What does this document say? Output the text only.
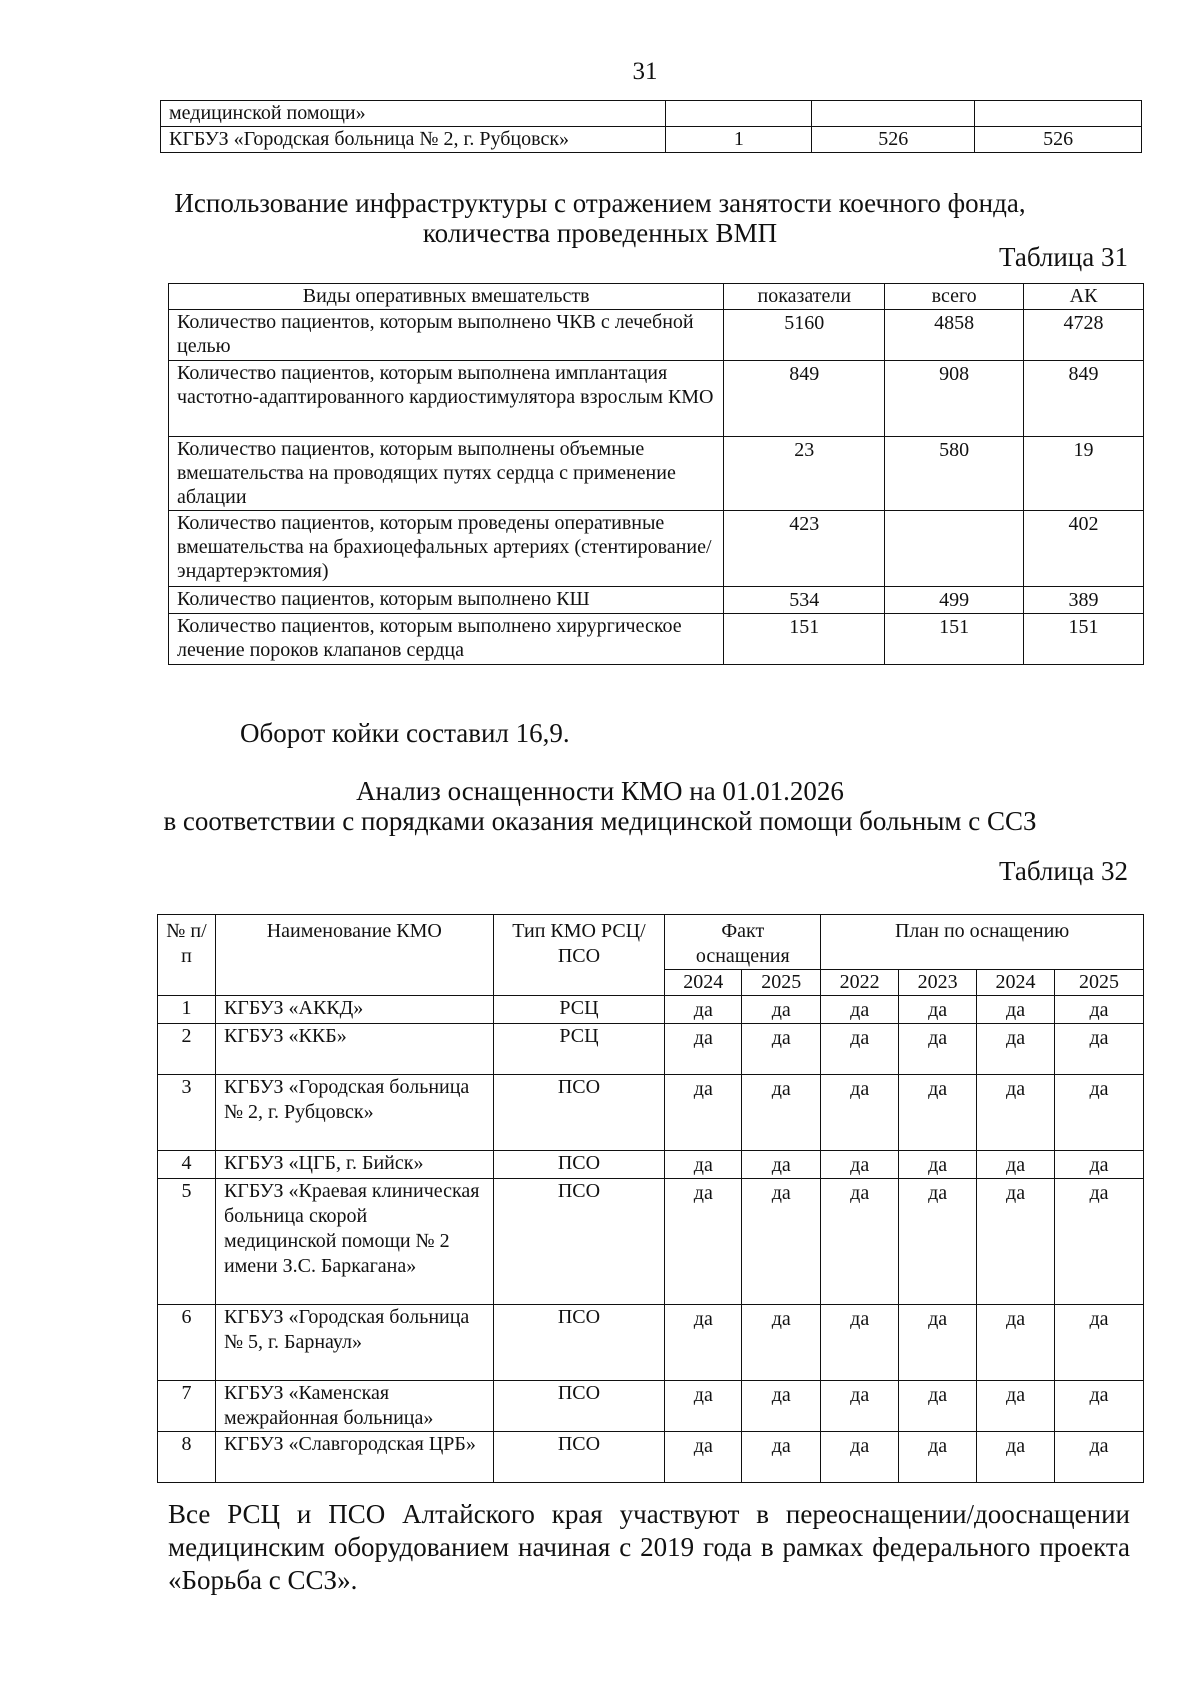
31
медицинской помощи»			
КГБУЗ «Городская больница № 2, г. Рубцовск»	1	526	526
Использование инфраструктуры с отражением занятости коечного фонда,
количества проведенных ВМП
Таблица 31
Виды оперативных вмешательств	показатели	всего	АК
Количество пациентов, которым выполнено ЧКВ с лечебной целью	5160	4858	4728
Количество пациентов, которым выполнена имплантация частотно-адаптированного кардиостимулятора взрослым КМО	849	908	849
Количество пациентов, которым выполнены объемные вмешательства на проводящих путях сердца с применение аблации	23	580	19
Количество пациентов, которым проведены оперативные вмешательства на брахиоцефальных артериях (стентирование/эндартерэктомия)	423		402
Количество пациентов, которым выполнено КШ	534	499	389
Количество пациентов, которым выполнено хирургическое лечение пороков клапанов сердца	151	151	151
Оборот койки составил 16,9.
Анализ оснащенности КМО на 01.01.2026
в соответствии с порядками оказания медицинской помощи больным с ССЗ
Таблица 32
№ п/п	Наименование КМО	Тип КМО РСЦ/ПСО	Факт оснащения		План по оснащению			
			2024	2025	2022	2023	2024	2025
1	КГБУЗ «АККД»	РСЦ	да	да	да	да	да	да
2	КГБУЗ «ККБ»	РСЦ	да	да	да	да	да	да
3	КГБУЗ «Городская больница № 2, г. Рубцовск»	ПСО	да	да	да	да	да	да
4	КГБУЗ «ЦГБ, г. Бийск»	ПСО	да	да	да	да	да	да
5	КГБУЗ «Краевая клиническая больница скорой медицинской помощи № 2 имени З.С. Баркагана»	ПСО	да	да	да	да	да	да
6	КГБУЗ «Городская больница № 5, г. Барнаул»	ПСО	да	да	да	да	да	да
7	КГБУЗ «Каменская межрайонная больница»	ПСО	да	да	да	да	да	да
8	КГБУЗ «Славгородская ЦРБ»	ПСО	да	да	да	да	да	да
Все РСЦ и ПСО Алтайского края участвуют в переоснащении/дооснащении медицинским оборудованием начиная с 2019 года в рамках федерального проекта «Борьба с ССЗ».
